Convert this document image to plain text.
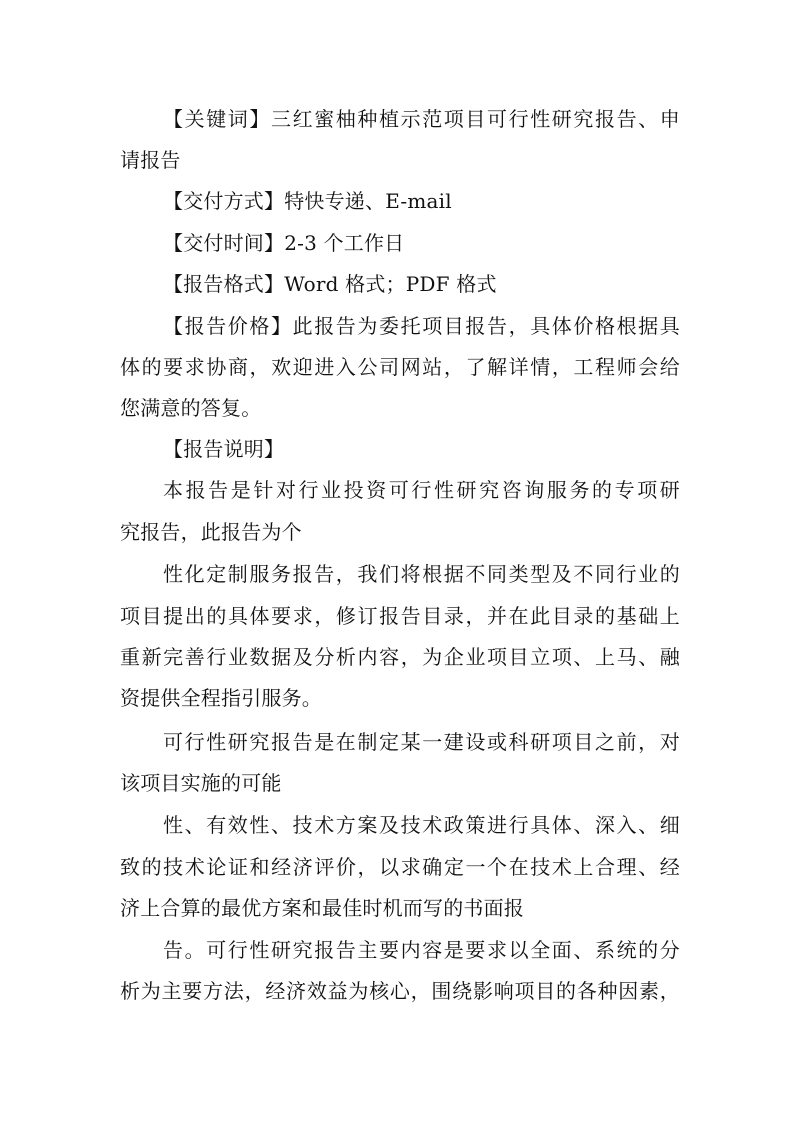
【关键词】三红蜜柚种植示范项目可行性研究报告、申
请报告
【交付方式】特快专递、E-mail
【交付时间】2-3 个工作日
【报告格式】Word 格式；PDF 格式
【报告价格】此报告为委托项目报告，具体价格根据具
体的要求协商，欢迎进入公司网站，了解详情，工程师会给
您满意的答复。
【报告说明】
本报告是针对行业投资可行性研究咨询服务的专项研
究报告，此报告为个
性化定制服务报告，我们将根据不同类型及不同行业的
项目提出的具体要求，修订报告目录，并在此目录的基础上
重新完善行业数据及分析内容，为企业项目立项、上马、融
资提供全程指引服务。
可行性研究报告是在制定某一建设或科研项目之前，对
该项目实施的可能
性、有效性、技术方案及技术政策进行具体、深入、细
致的技术论证和经济评价，以求确定一个在技术上合理、经
济上合算的最优方案和最佳时机而写的书面报
告。可行性研究报告主要内容是要求以全面、系统的分
析为主要方法，经济效益为核心，围绕影响项目的各种因素，
